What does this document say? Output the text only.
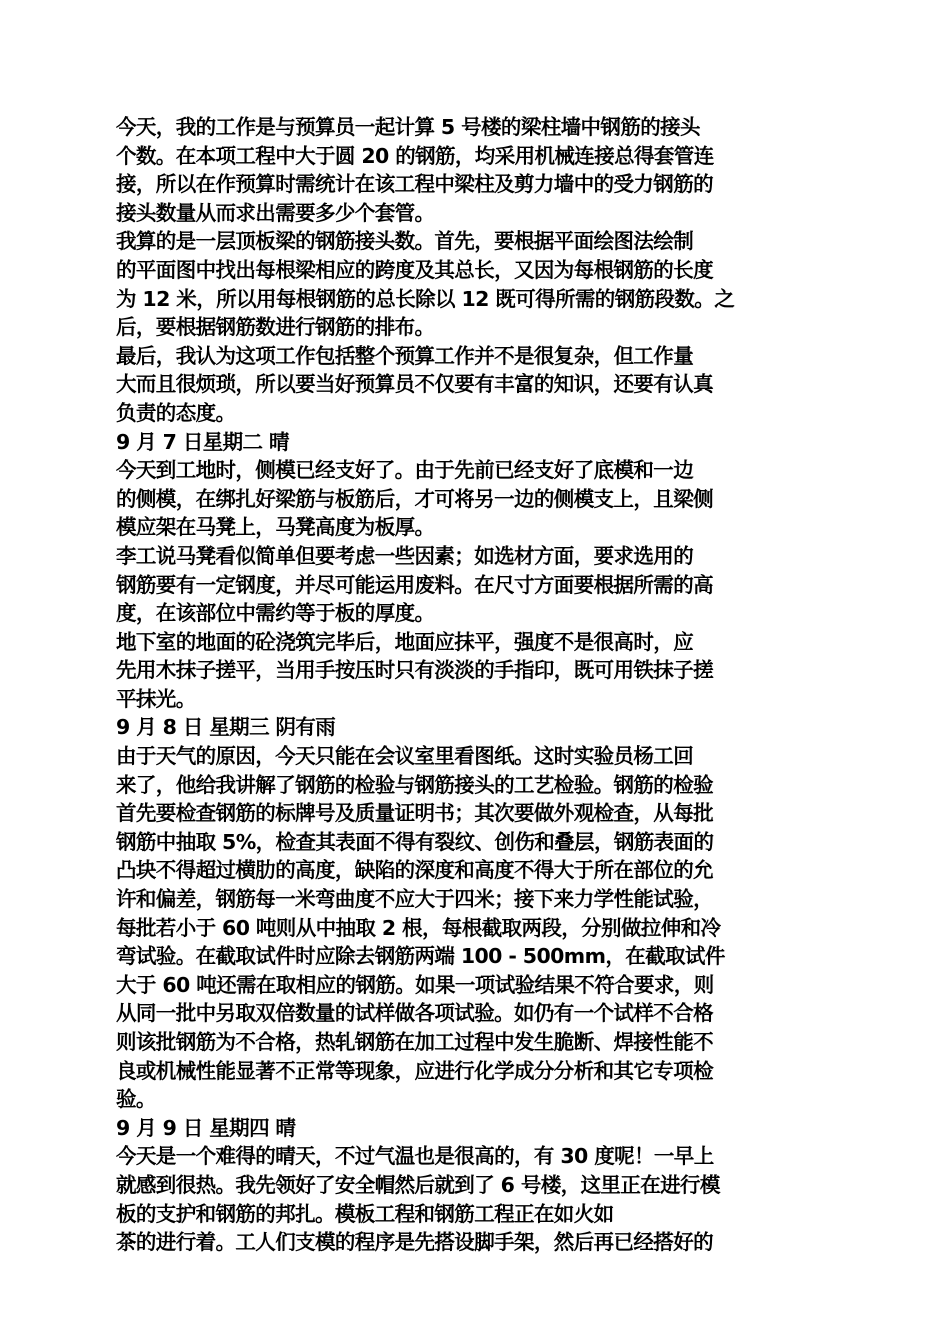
今天，我的工作是与预算员一起计算 5 号楼的梁柱墙中钢筋的接头
个数。在本项工程中大于圆 20 的钢筋，均采用机械连接总得套管连
接，所以在作预算时需统计在该工程中梁柱及剪力墙中的受力钢筋的
接头数量从而求出需要多少个套管。
我算的是一层顶板梁的钢筋接头数。首先，要根据平面绘图法绘制
的平面图中找出每根梁相应的跨度及其总长，又因为每根钢筋的长度
为 12 米，所以用每根钢筋的总长除以 12 既可得所需的钢筋段数。之
后，要根据钢筋数进行钢筋的排布。
最后，我认为这项工作包括整个预算工作并不是很复杂，但工作量
大而且很烦琐，所以要当好预算员不仅要有丰富的知识，还要有认真
负责的态度。
9 月 7 日星期二 晴
今天到工地时，侧模已经支好了。由于先前已经支好了底模和一边
的侧模，在绑扎好梁筋与板筋后，才可将另一边的侧模支上，且梁侧
模应架在马凳上，马凳高度为板厚。
李工说马凳看似简单但要考虑一些因素；如选材方面，要求选用的
钢筋要有一定钢度，并尽可能运用废料。在尺寸方面要根据所需的高
度，在该部位中需约等于板的厚度。
地下室的地面的砼浇筑完毕后，地面应抹平，强度不是很高时，应
先用木抹子搓平，当用手按压时只有淡淡的手指印，既可用铁抹子搓
平抹光。
9 月 8 日 星期三 阴有雨
由于天气的原因，今天只能在会议室里看图纸。这时实验员杨工回
来了，他给我讲解了钢筋的检验与钢筋接头的工艺检验。钢筋的检验
首先要检查钢筋的标牌号及质量证明书；其次要做外观检查，从每批
钢筋中抽取 5%，检查其表面不得有裂纹、创伤和叠层，钢筋表面的
凸块不得超过横肋的高度，缺陷的深度和高度不得大于所在部位的允
许和偏差，钢筋每一米弯曲度不应大于四米；接下来力学性能试验，
每批若小于 60 吨则从中抽取 2 根，每根截取两段，分别做拉伸和冷
弯试验。在截取试件时应除去钢筋两端 100 - 500mm，在截取试件
大于 60 吨还需在取相应的钢筋。如果一项试验结果不符合要求，则
从同一批中另取双倍数量的试样做各项试验。如仍有一个试样不合格
则该批钢筋为不合格，热轧钢筋在加工过程中发生脆断、焊接性能不
良或机械性能显著不正常等现象，应进行化学成分分析和其它专项检
验。
9 月 9 日 星期四 晴
今天是一个难得的晴天，不过气温也是很高的，有 30 度呢！一早上
就感到很热。我先领好了安全帽然后就到了 6 号楼，这里正在进行模
板的支护和钢筋的邦扎。模板工程和钢筋工程正在如火如
茶的进行着。工人们支模的程序是先搭设脚手架，然后再已经搭好的
